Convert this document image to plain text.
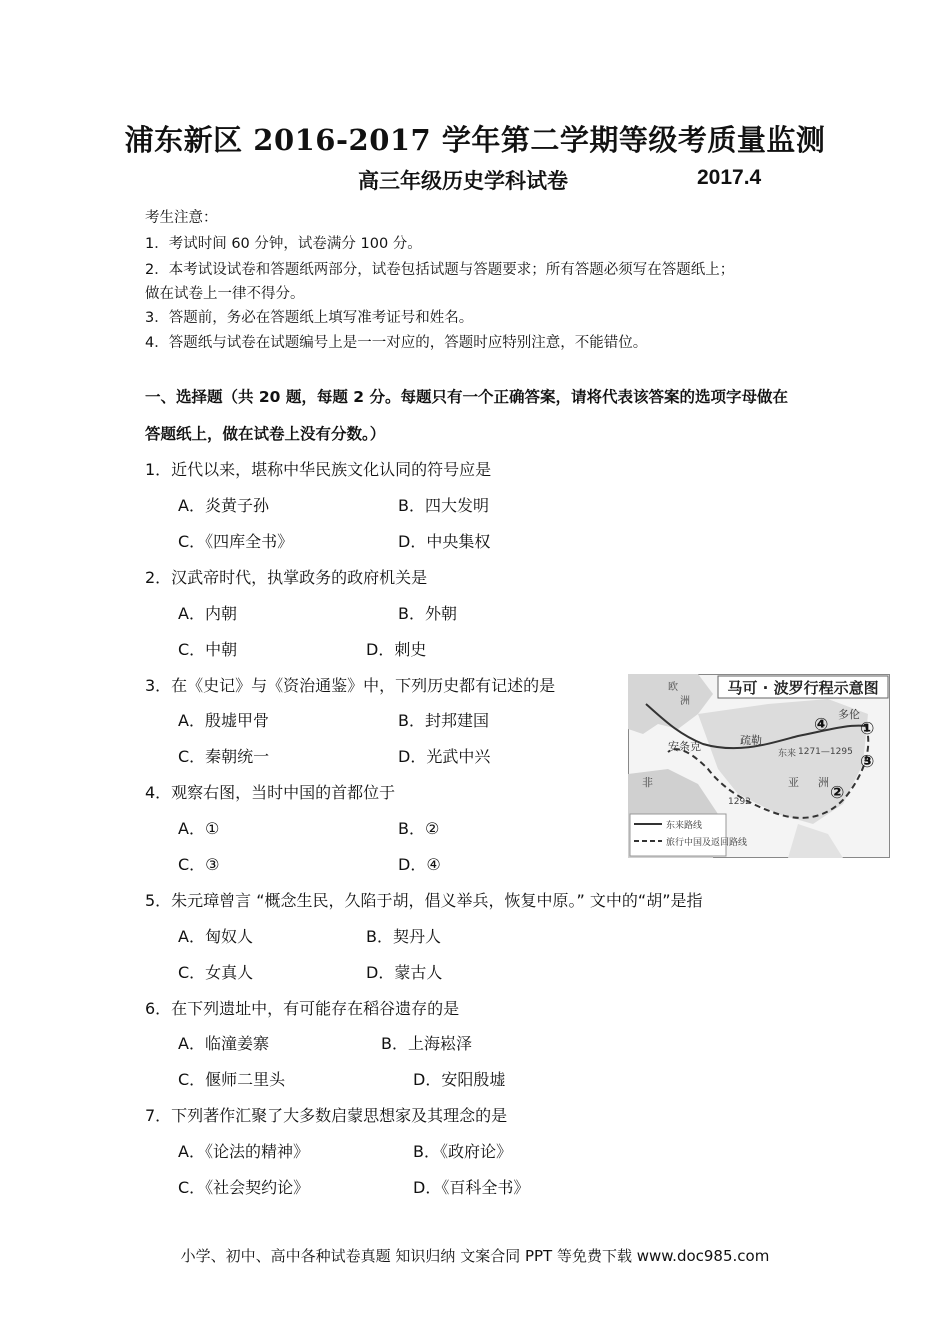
浦东新区 2016-2017 学年第二学期等级考质量监测
高三年级历史学科试卷	2017.4
考生注意：
1．考试时间 60 分钟，试卷满分 100 分。
2．本考试设试卷和答题纸两部分，试卷包括试题与答题要求；所有答题必须写在答题纸上；
做在试卷上一律不得分。
3．答题前，务必在答题纸上填写准考证号和姓名。
4．答题纸与试卷在试题编号上是一一对应的，答题时应特别注意，不能错位。
一、选择题（共 20 题，每题 2 分。每题只有一个正确答案，请将代表该答案的选项字母做在
答题纸上，做在试卷上没有分数。）
1．近代以来，堪称中华民族文化认同的符号应是
A．炎黄子孙	B．四大发明
C．《四库全书》	D．中央集权
2．汉武帝时代，执掌政务的政府机关是
A．内朝	B．外朝
C．中朝	D．刺史
3．在《史记》与《资治通鉴》中，下列历史都有记述的是
A．殷墟甲骨	B．封邦建国
C．秦朝统一	D．光武中兴
4．观察右图，当时中国的首都位于
A．①	B．②
C．③	D．④
5．朱元璋曾言 “概念生民，久陷于胡，倡义举兵，恢复中原。” 文中的“胡”是指
A．匈奴人	B．契丹人
C．女真人	D．蒙古人
6．在下列遗址中，有可能存在稻谷遗存的是
A．临潼姜寨	B．上海崧泽
C．偃师二里头	D．安阳殷墟
7．下列著作汇聚了大多数启蒙思想家及其理念的是
A．《论法的精神》	B．《政府论》
C．《社会契约论》	D．《百科全书》
马可 · 波罗行程示意图
欧
洲
非	亚 洲
安条克	疏勒
多伦
东来 1271—1295
1292
④ ①
③
②
东来路线
旅行中国及返回路线
小学、初中、高中各种试卷真题 知识归纳 文案合同 PPT 等免费下载 www.doc985.com
